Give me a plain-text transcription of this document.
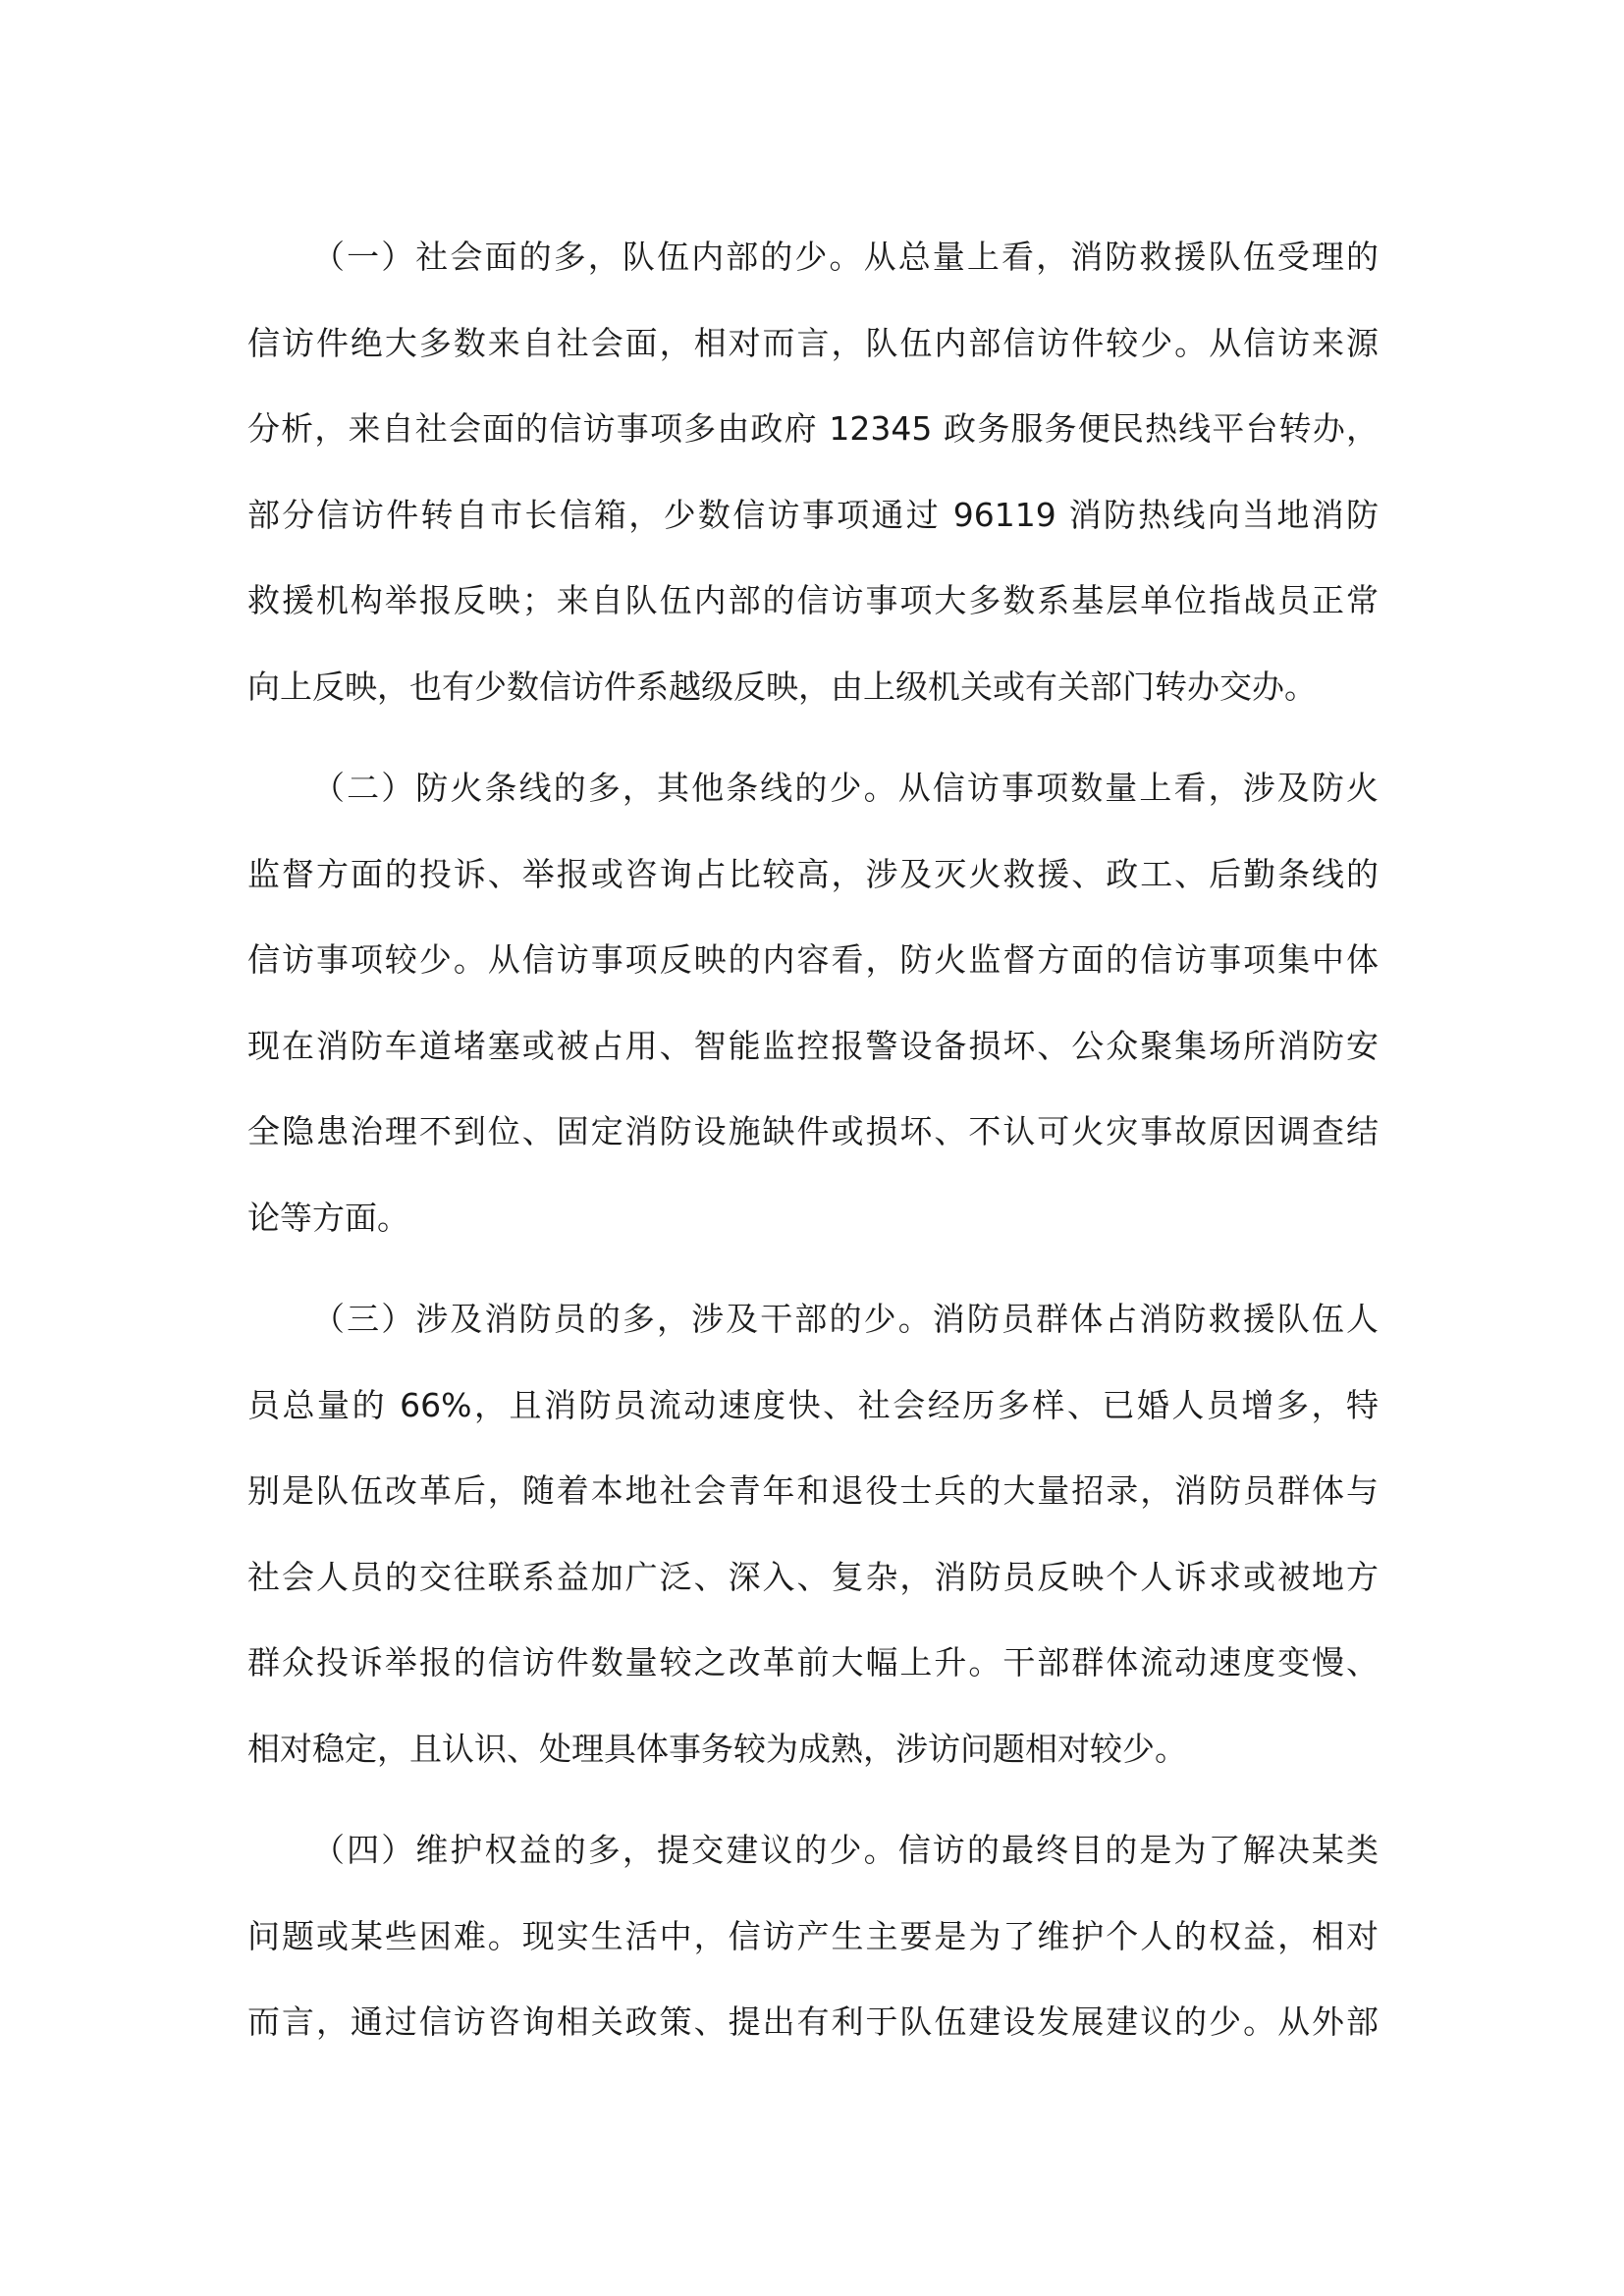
（一）社会面的多，队伍内部的少。从总量上看，消防救援队伍受理的
信访件绝大多数来自社会面，相对而言，队伍内部信访件较少。从信访来源
分析，来自社会面的信访事项多由政府 12345 政务服务便民热线平台转办，
部分信访件转自市长信箱，少数信访事项通过 96119 消防热线向当地消防
救援机构举报反映；来自队伍内部的信访事项大多数系基层单位指战员正常
向上反映，也有少数信访件系越级反映，由上级机关或有关部门转办交办。
（二）防火条线的多，其他条线的少。从信访事项数量上看，涉及防火
监督方面的投诉、举报或咨询占比较高，涉及灭火救援、政工、后勤条线的
信访事项较少。从信访事项反映的内容看，防火监督方面的信访事项集中体
现在消防车道堵塞或被占用、智能监控报警设备损坏、公众聚集场所消防安
全隐患治理不到位、固定消防设施缺件或损坏、不认可火灾事故原因调查结
论等方面。
（三）涉及消防员的多，涉及干部的少。消防员群体占消防救援队伍人
员总量的 66%，且消防员流动速度快、社会经历多样、已婚人员增多，特
别是队伍改革后，随着本地社会青年和退役士兵的大量招录，消防员群体与
社会人员的交往联系益加广泛、深入、复杂，消防员反映个人诉求或被地方
群众投诉举报的信访件数量较之改革前大幅上升。干部群体流动速度变慢、
相对稳定，且认识、处理具体事务较为成熟，涉访问题相对较少。
（四）维护权益的多，提交建议的少。信访的最终目的是为了解决某类
问题或某些困难。现实生活中，信访产生主要是为了维护个人的权益，相对
而言，通过信访咨询相关政策、提出有利于队伍建设发展建议的少。从外部
